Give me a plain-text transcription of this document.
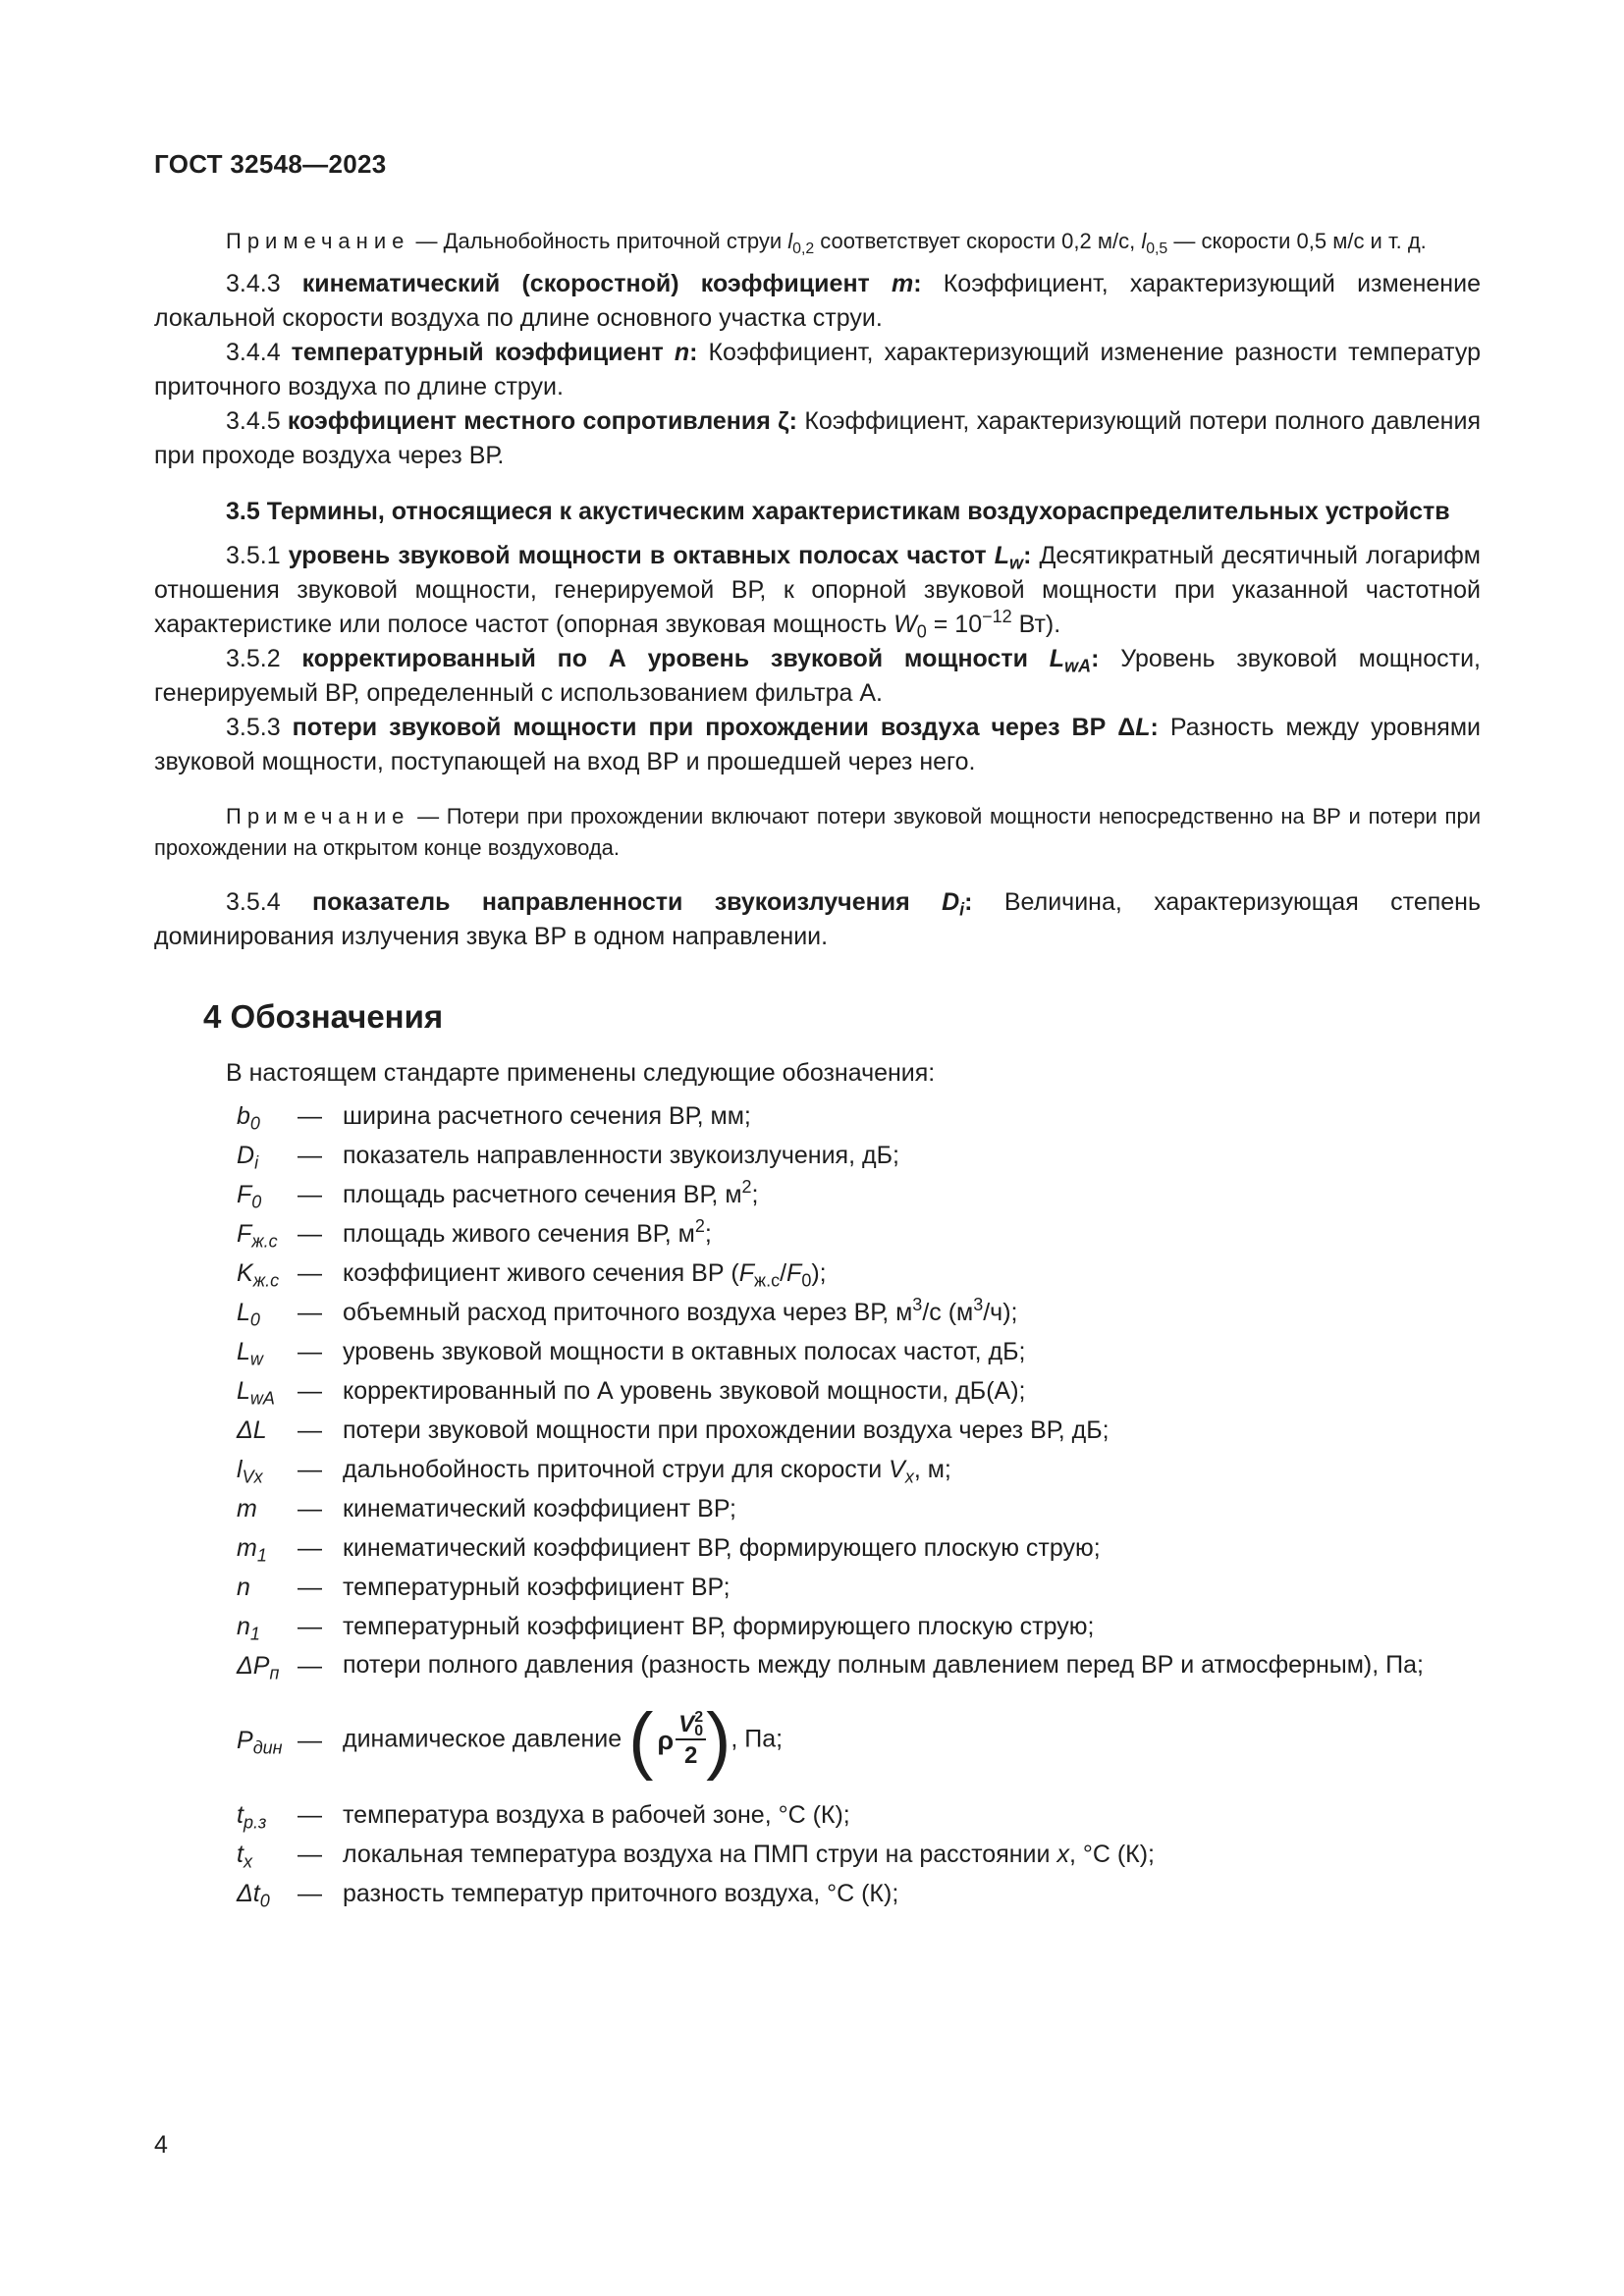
ГОСТ 32548—2023

Примечание — Дальнобойность приточной струи $l_{0,2}$ соответствует скорости 0,2 м/с, $l_{0,5}$ — скорости 0,5 м/с и т. д.

3.4.3 кинематический (скоростной) коэффициент m: Коэффициент, характеризующий изменение локальной скорости воздуха по длине основного участка струи.

3.4.4 температурный коэффициент n: Коэффициент, характеризующий изменение разности температур приточного воздуха по длине струи.

3.4.5 коэффициент местного сопротивления ζ: Коэффициент, характеризующий потери полного давления при проходе воздуха через ВР.

3.5 Термины, относящиеся к акустическим характеристикам воздухораспределительных устройств

3.5.1 уровень звуковой мощности в октавных полосах частот $L_w$: Десятикратный десятичный логарифм отношения звуковой мощности, генерируемой ВР, к опорной звуковой мощности при указанной частотной характеристике или полосе частот (опорная звуковая мощность $W_0 = 10^{-12}$ Вт).

3.5.2 корректированный по А уровень звуковой мощности $L_{wA}$: Уровень звуковой мощности, генерируемый ВР, определенный с использованием фильтра А.

3.5.3 потери звуковой мощности при прохождении воздуха через ВР ΔL: Разность между уровнями звуковой мощности, поступающей на вход ВР и прошедшей через него.

Примечание — Потери при прохождении включают потери звуковой мощности непосредственно на ВР и потери при прохождении на открытом конце воздуховода.

3.5.4 показатель направленности звукоизлучения $D_i$: Величина, характеризующая степень доминирования излучения звука ВР в одном направлении.

4 Обозначения

В настоящем стандарте применены следующие обозначения:

$b_0$	— ширина расчетного сечения ВР, мм;
$D_i$	— показатель направленности звукоизлучения, дБ;
$F_0$	— площадь расчетного сечения ВР, $м^2$;
$F_{ж.с}$ — площадь живого сечения ВР, $м^2$;
$K_{ж.с}$ — коэффициент живого сечения ВР $(F_{ж.с}/F_0)$;
$L_0$	— объемный расход приточного воздуха через ВР, $м^3/с$ $(м^3/ч)$;
$L_w$	— уровень звуковой мощности в октавных полосах частот, дБ;
$L_{wA}$ — корректированный по А уровень звуковой мощности, дБ(А);
ΔL	— потери звуковой мощности при прохождении воздуха через ВР, дБ;
$l_{Vx}$	— дальнобойность приточной струи для скорости $V_x$, м;
m	— кинематический коэффициент ВР;
$m_1$	— кинематический коэффициент ВР, формирующего плоскую струю;
n	— температурный коэффициент ВР;
$n_1$	— температурный коэффициент ВР, формирующего плоскую струю;
$\Delta P_п$ — потери полного давления (разность между полным давлением перед ВР и атмосферным), Па;
$P_{дин}$ — динамическое давление ( ρ V 2
0
2 ) , Па;
$t_{р.з}$	— температура воздуха в рабочей зоне, °С (К);
$t_x$	— локальная температура воздуха на ПМП струи на расстоянии x, °С (К);
$\Delta t_0$	— разность температур приточного воздуха, °С (К);
4
